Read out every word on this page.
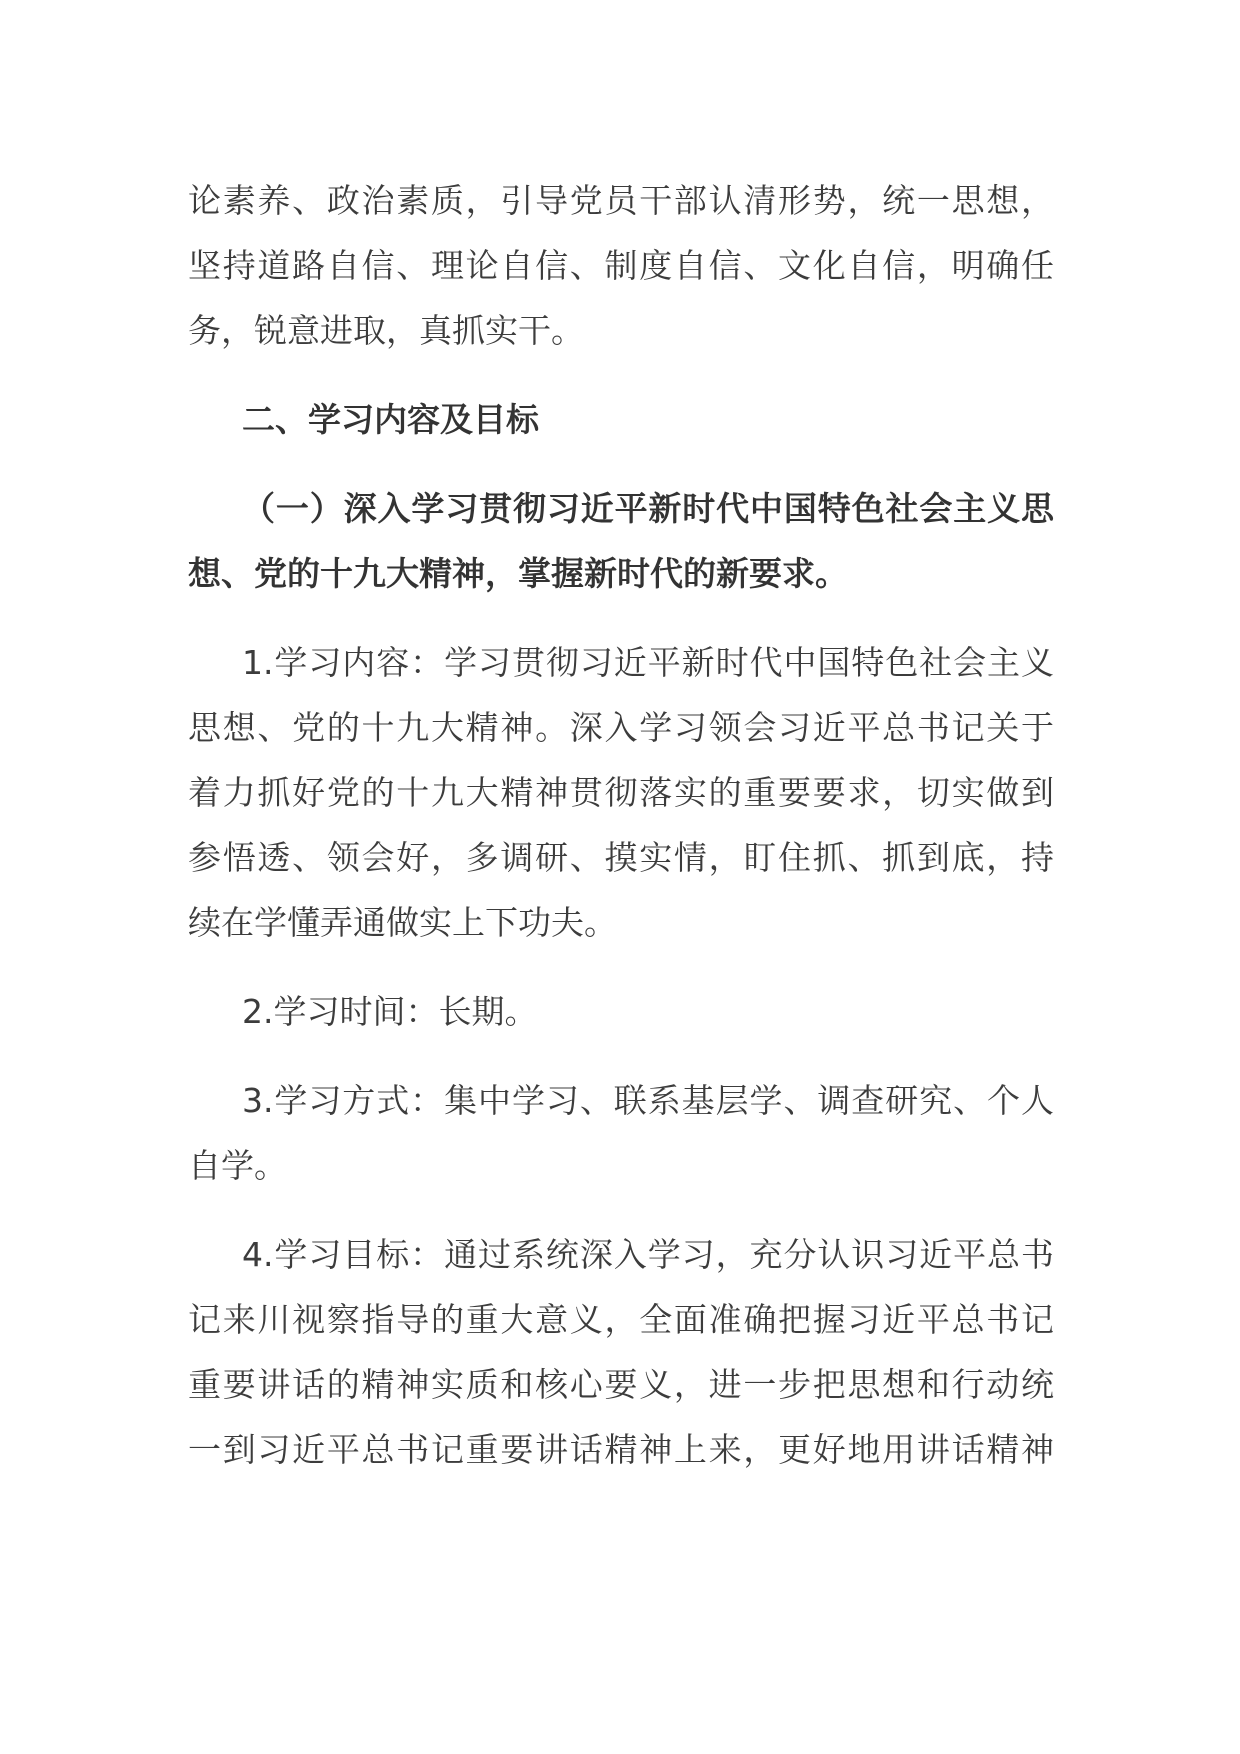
论素养、政治素质，引导党员干部认清形势，统一思想，
坚持道路自信、理论自信、制度自信、文化自信，明确任
务，锐意进取，真抓实干。
二、学习内容及目标
（一）深入学习贯彻习近平新时代中国特色社会主义思
想、党的十九大精神，掌握新时代的新要求。
1.学习内容：学习贯彻习近平新时代中国特色社会主义
思想、党的十九大精神。深入学习领会习近平总书记关于
着力抓好党的十九大精神贯彻落实的重要要求，切实做到
参悟透、领会好，多调研、摸实情，盯住抓、抓到底，持
续在学懂弄通做实上下功夫。
2.学习时间：长期。
3.学习方式：集中学习、联系基层学、调查研究、个人
自学。
4.学习目标：通过系统深入学习，充分认识习近平总书
记来川视察指导的重大意义，全面准确把握习近平总书记
重要讲话的精神实质和核心要义，进一步把思想和行动统
一到习近平总书记重要讲话精神上来，更好地用讲话精神
